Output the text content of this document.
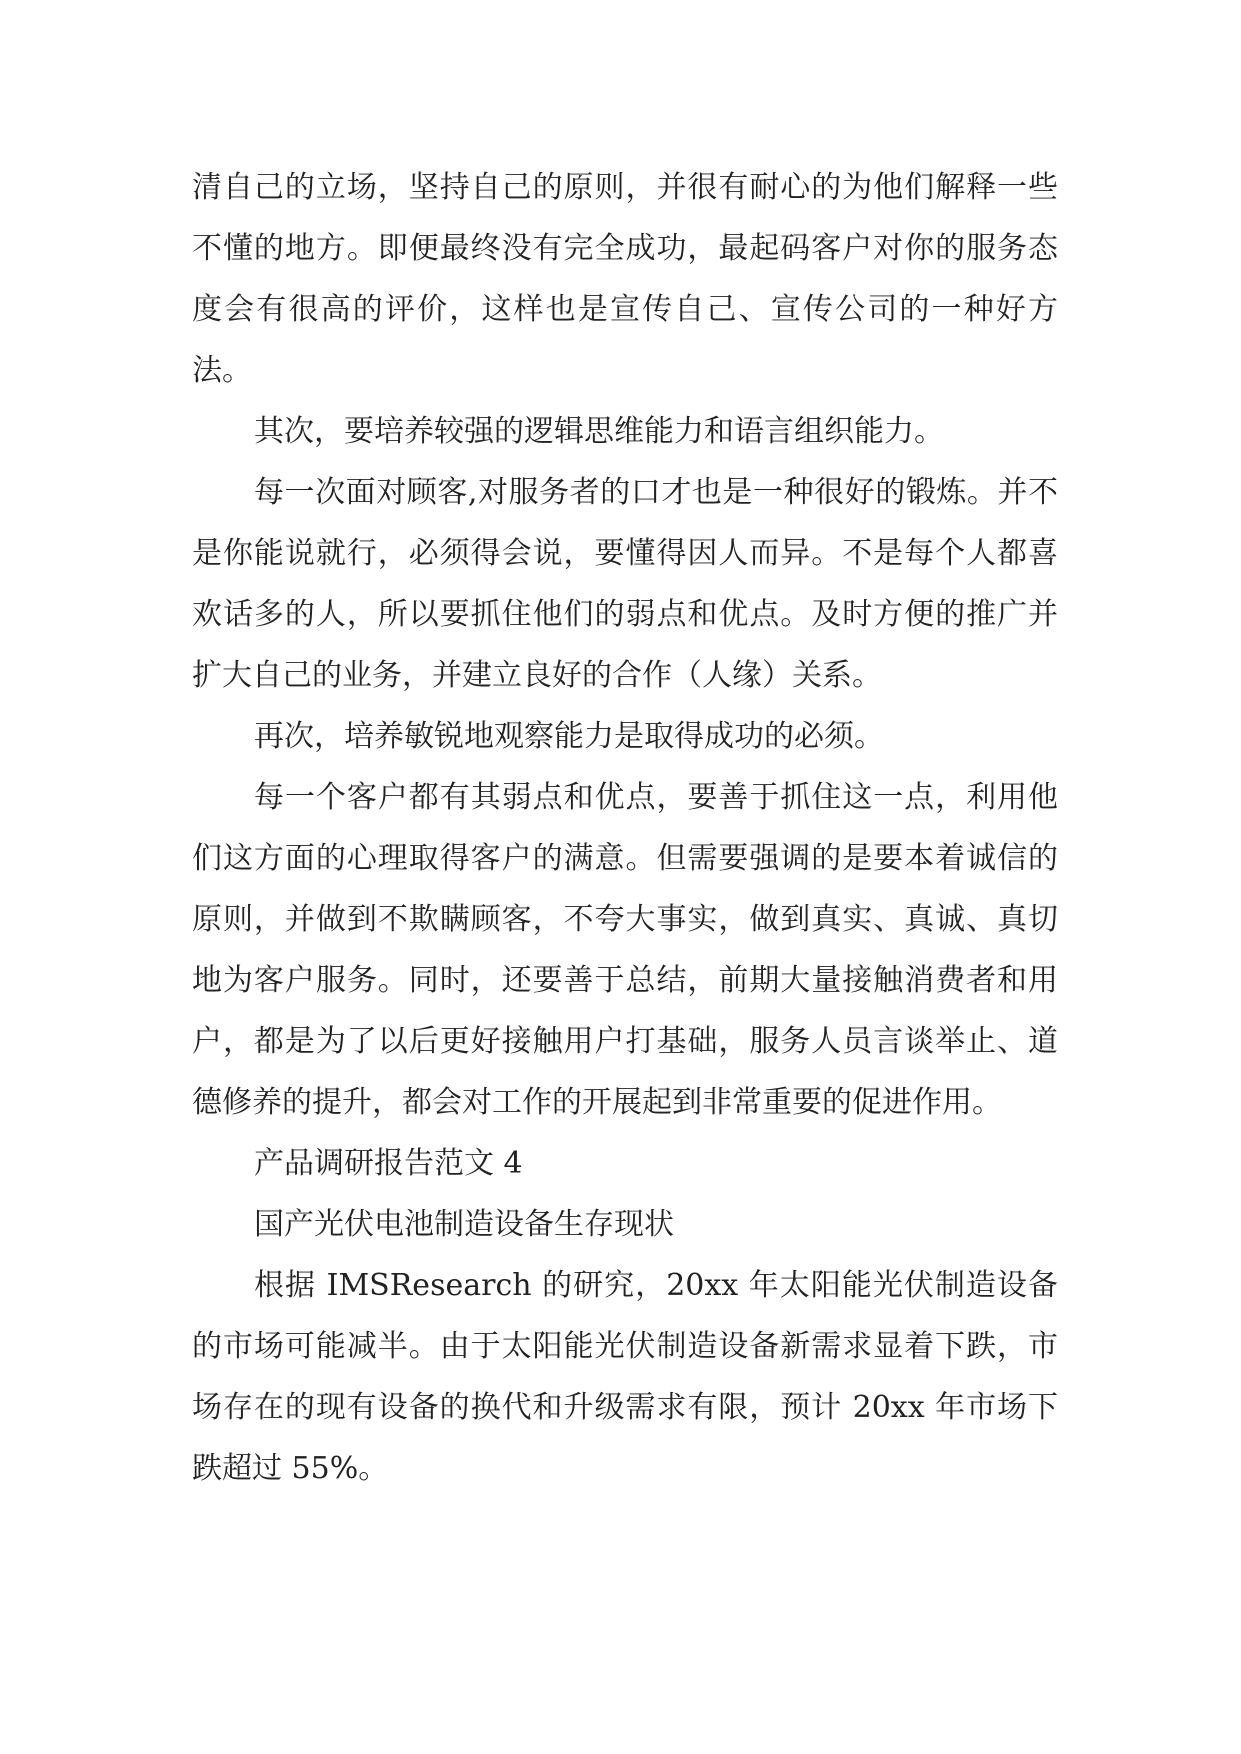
清自己的立场，坚持自己的原则，并很有耐心的为他们解释一些不懂的地方。即便最终没有完全成功，最起码客户对你的服务态度会有很高的评价，这样也是宣传自己、宣传公司的一种好方法。

其次，要培养较强的逻辑思维能力和语言组织能力。

每一次面对顾客,对服务者的口才也是一种很好的锻炼。并不是你能说就行，必须得会说，要懂得因人而异。不是每个人都喜欢话多的人，所以要抓住他们的弱点和优点。及时方便的推广并扩大自己的业务，并建立良好的合作（人缘）关系。

再次，培养敏锐地观察能力是取得成功的必须。

每一个客户都有其弱点和优点，要善于抓住这一点，利用他们这方面的心理取得客户的满意。但需要强调的是要本着诚信的原则，并做到不欺瞒顾客，不夸大事实，做到真实、真诚、真切地为客户服务。同时，还要善于总结，前期大量接触消费者和用户，都是为了以后更好接触用户打基础，服务人员言谈举止、道德修养的提升，都会对工作的开展起到非常重要的促进作用。

产品调研报告范文 4

国产光伏电池制造设备生存现状

根据 IMSResearch 的研究，20xx 年太阳能光伏制造设备的市场可能减半。由于太阳能光伏制造设备新需求显着下跌，市场存在的现有设备的换代和升级需求有限，预计 20xx 年市场下跌超过 55%。
